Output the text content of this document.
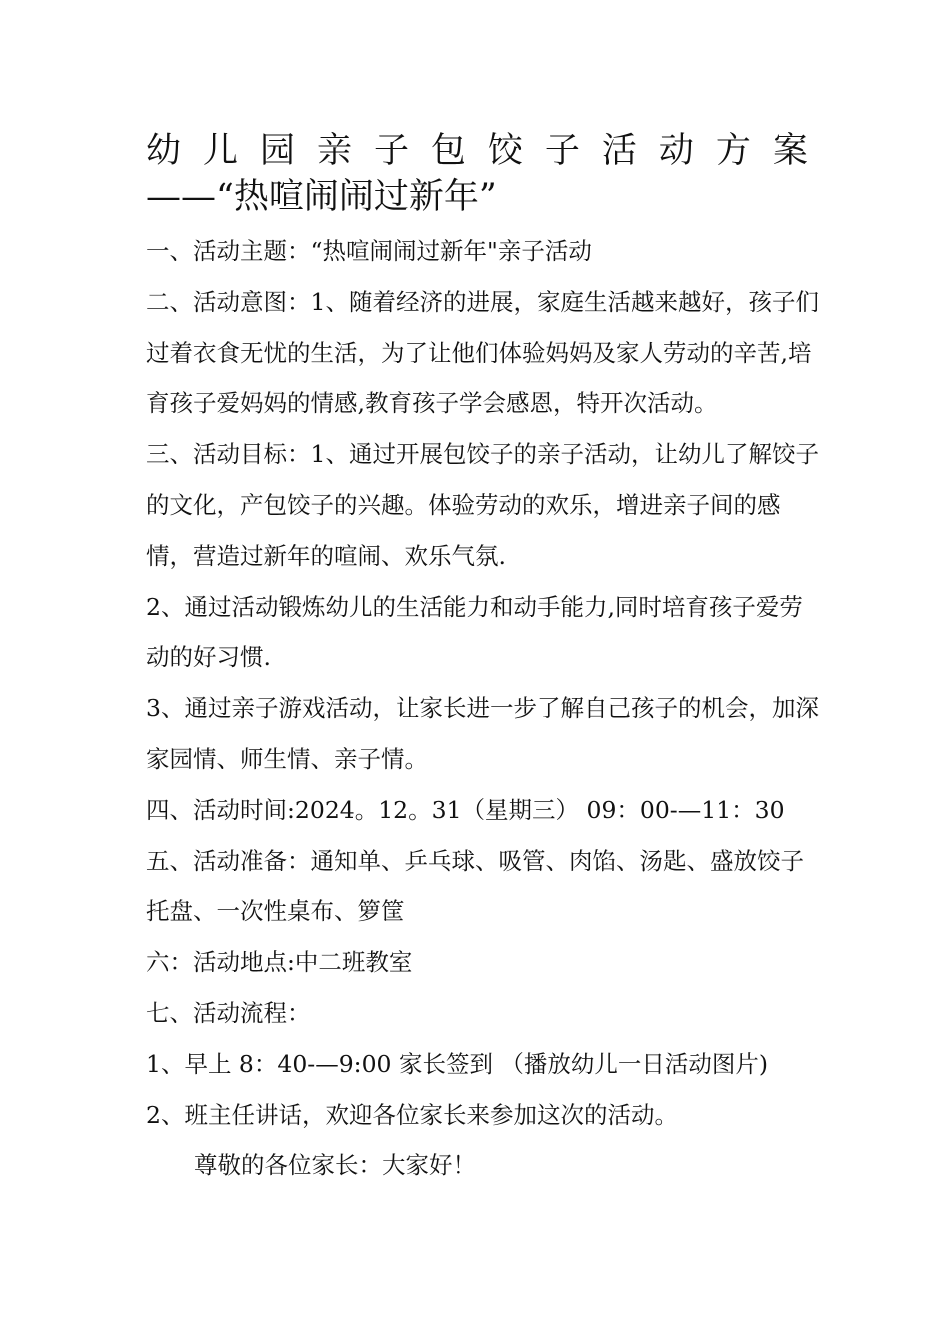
幼 儿 园 亲 子 包 饺 子 活 动 方 案
——“热喧闹闹过新年”

一、活动主题：“热喧闹闹过新年"亲子活动

二、活动意图：1、随着经济的进展，家庭生活越来越好，孩子们过着衣食无忧的生活，为了让他们体验妈妈及家人劳动的辛苦,培育孩子爱妈妈的情感,教育孩子学会感恩，特开次活动。

三、活动目标：1、通过开展包饺子的亲子活动，让幼儿了解饺子的文化，产包饺子的兴趣。体验劳动的欢乐，增进亲子间的感情，营造过新年的喧闹、欢乐气氛.

2、通过活动锻炼幼儿的生活能力和动手能力,同时培育孩子爱劳动的好习惯.

3、通过亲子游戏活动，让家长进一步了解自己孩子的机会，加深家园情、师生情、亲子情。

四、活动时间:2024。12。31（星期三） 09：00-—11：30

五、活动准备：通知单、乒乓球、吸管、肉馅、汤匙、盛放饺子托盘、一次性桌布、箩筐

六：活动地点:中二班教室

七、活动流程：

1、早上 8：40-—9:00 家长签到 （播放幼儿一日活动图片)

2、班主任讲话，欢迎各位家长来参加这次的活动。

尊敬的各位家长：大家好！
